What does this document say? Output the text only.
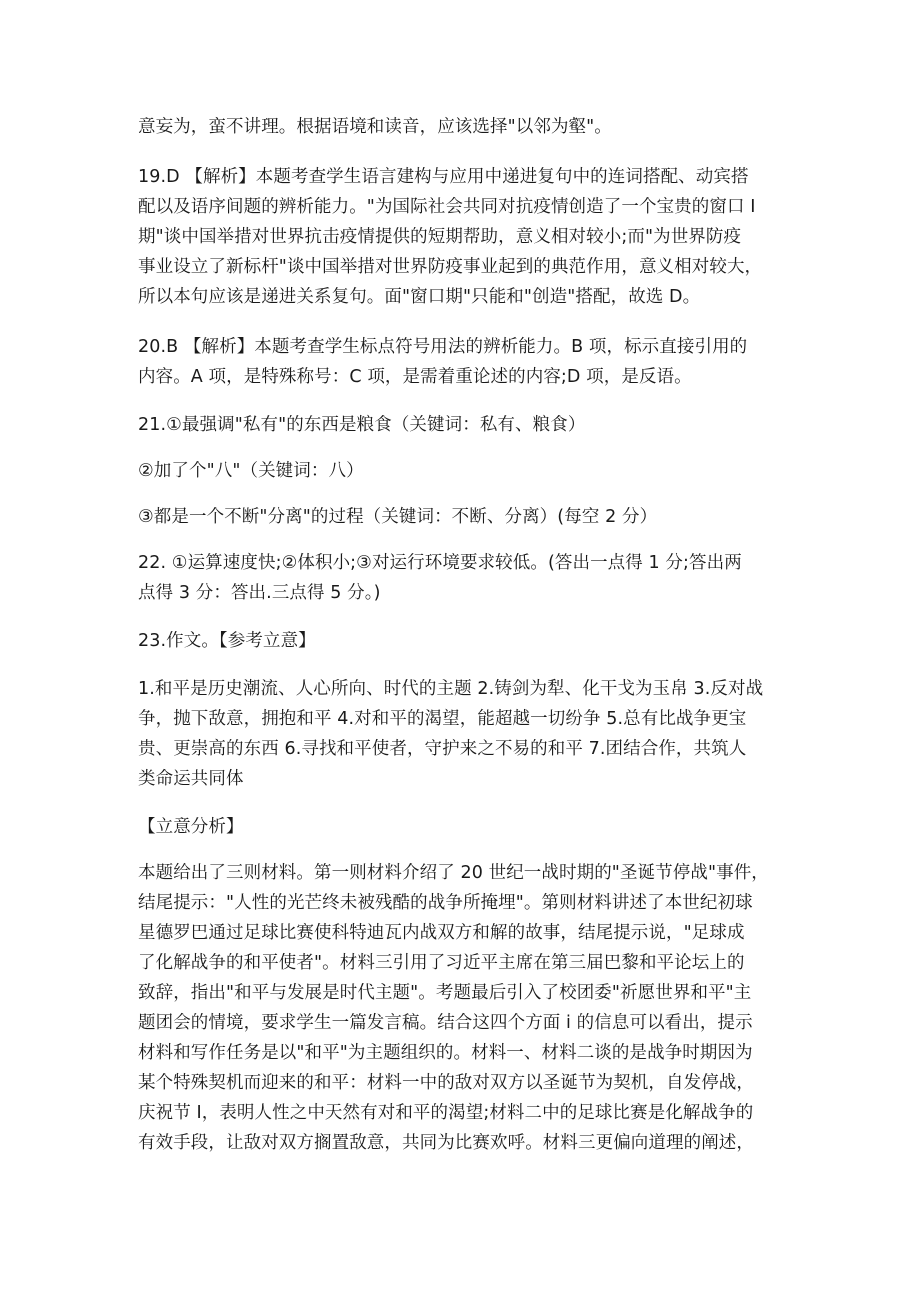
意妄为，蛮不讲理。根据语境和读音，应该选择"以邻为壑"。
19.D 【解析】本题考查学生语言建构与应用中递进复句中的连词搭配、动宾搭
配以及语序间题的辨析能力。"为国际社会共同对抗疫情创造了一个宝贵的窗口 I
期"谈中国举措对世界抗击疫情提供的短期帮助，意义相对较小;而"为世界防疫
事业设立了新标杆"谈中国举措对世界防疫事业起到的典范作用，意义相对较大，
所以本句应该是递进关系复句。面"窗口期"只能和"创造"搭配，故选 D。
20.B 【解析】本题考查学生标点符号用法的辨析能力。B 项，标示直接引用的
内容。A 项，是特殊称号：C 项，是需着重论述的内容;D 项，是反语。
21.①最强调"私有"的东西是粮食（关键词：私有、粮食）
②加了个"八"（关键词：八）
③都是一个不断"分离"的过程（关键词：不断、分离）(每空 2 分）
22. ①运算速度快;②体积小;③对运行环境要求较低。(答出一点得 1 分;答出两
点得 3 分：答出.三点得 5 分。)
23.作文。【参考立意】
1.和平是历史潮流、人心所向、时代的主题 2.铸剑为犁、化干戈为玉帛 3.反对战
争，抛下敌意，拥抱和平 4.对和平的渴望，能超越一切纷争 5.总有比战争更宝
贵、更崇高的东西 6.寻找和平使者，守护来之不易的和平 7.团结合作，共筑人
类命运共同体
【立意分析】
本题给出了三则材料。第一则材料介绍了 20 世纪一战时期的"圣诞节停战"事件，
结尾提示："人性的光芒终未被残酷的战争所掩埋"。第则材料讲述了本世纪初球
星德罗巴通过足球比赛使科特迪瓦内战双方和解的故事，结尾提示说，"足球成
了化解战争的和平使者"。材料三引用了习近平主席在第三届巴黎和平论坛上的
致辞，指出"和平与发展是时代主题"。考题最后引入了校团委"祈愿世界和平"主
题团会的情境，要求学生一篇发言稿。结合这四个方面 i 的信息可以看出，提示
材料和写作任务是以"和平"为主题组织的。材料一、材料二谈的是战争时期因为
某个特殊契机而迎来的和平：材料一中的敌对双方以圣诞节为契机，自发停战，
庆祝节 I，表明人性之中天然有对和平的渴望;材料二中的足球比赛是化解战争的
有效手段，让敌对双方搁置敌意，共同为比赛欢呼。材料三更偏向道理的阐述，
